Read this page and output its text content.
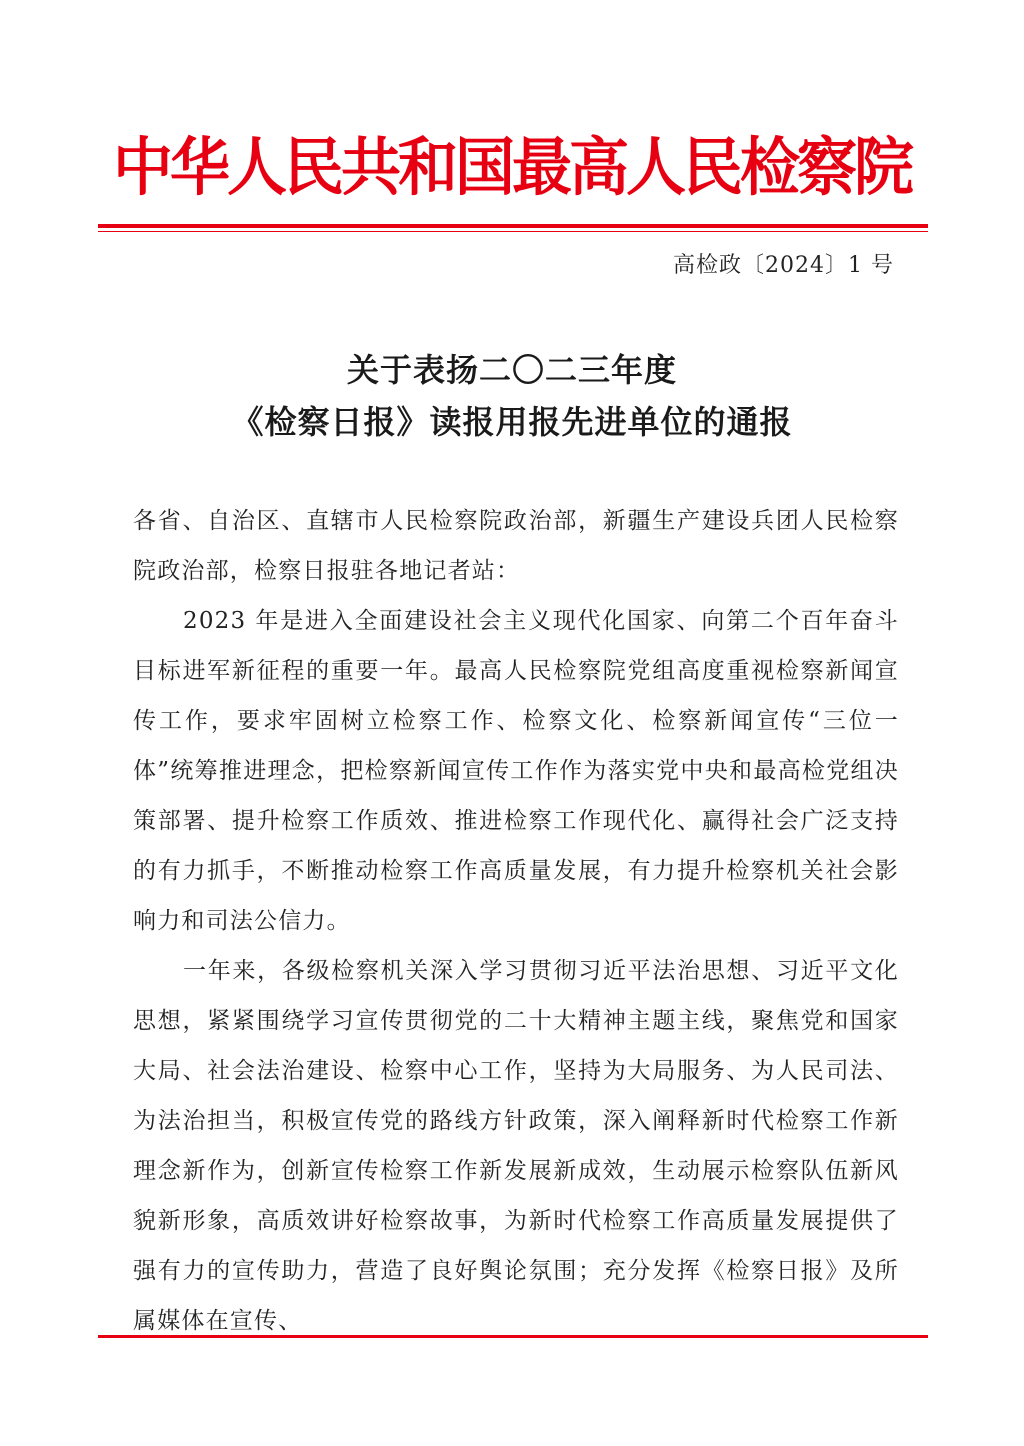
中华人民共和国最高人民检察院
高检政〔2024〕1 号
关于表扬二〇二三年度
《检察日报》读报用报先进单位的通报

各省、自治区、直辖市人民检察院政治部，新疆生产建设兵团人民检察院政治部，检察日报驻各地记者站：

2023 年是进入全面建设社会主义现代化国家、向第二个百年奋斗目标进军新征程的重要一年。最高人民检察院党组高度重视检察新闻宣传工作，要求牢固树立检察工作、检察文化、检察新闻宣传“三位一体”统筹推进理念，把检察新闻宣传工作作为落实党中央和最高检党组决策部署、提升检察工作质效、推进检察工作现代化、赢得社会广泛支持的有力抓手，不断推动检察工作高质量发展，有力提升检察机关社会影响力和司法公信力。

一年来，各级检察机关深入学习贯彻习近平法治思想、习近平文化思想，紧紧围绕学习宣传贯彻党的二十大精神主题主线，聚焦党和国家大局、社会法治建设、检察中心工作，坚持为大局服务、为人民司法、为法治担当，积极宣传党的路线方针政策，深入阐释新时代检察工作新理念新作为，创新宣传检察工作新发展新成效，生动展示检察队伍新风貌新形象，高质效讲好检察故事，为新时代检察工作高质量发展提供了强有力的宣传助力，营造了良好舆论氛围；充分发挥《检察日报》及所属媒体在宣传、
